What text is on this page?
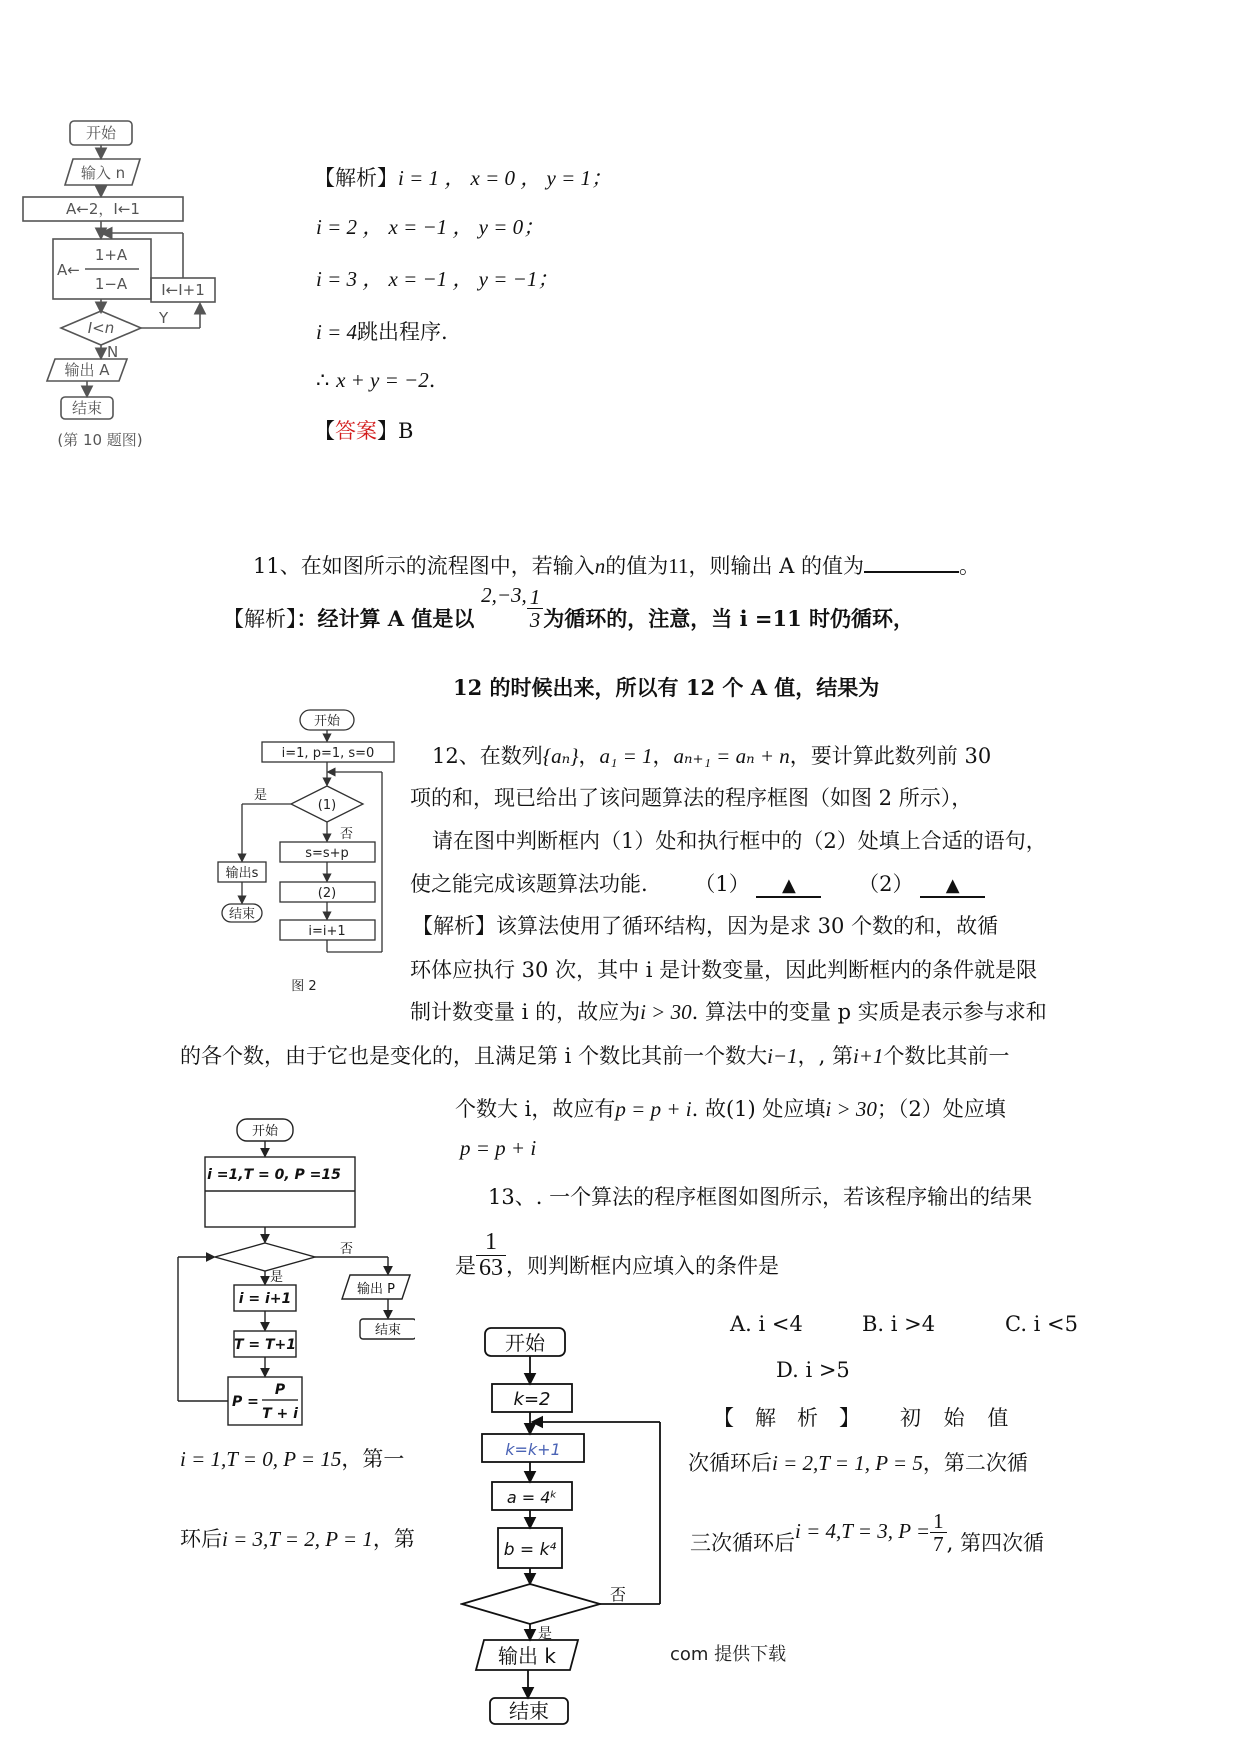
开始
输入 n
A←2，I←1
A←
1+A
1−A I←I+1
I<n
Y
N
输出 A
结束
(第 10 题图)
【解析】i = 1 ， x = 0 ， y = 1；
i = 2 ， x = −1 ， y = 0；
i = 3 ， x = −1 ， y = −1；
i = 4跳出程序.
∴ x + y = −2.
【答案】B
11、在如图所示的流程图中，若输入n的值为11，则输出 A 的值为	。
【解析】：经计算 A 值是以 2,−3, $\frac{1}{3}$ 为循环的，注意，当 i =11 时仍循环，
12 的时候出来，所以有 12 个 A 值，结果为
开始
i=1, p=1, s=0
(1)
是
否
s=s+p
(2)
i=i+1
输出s
结束
图 2
12、在数列{aₙ}，a₁ = 1，aₙ₊₁ = aₙ + n，要计算此数列前 30
项的和，现已给出了该问题算法的程序框图（如图 2 所示），
请在图中判断框内（1）处和执行框中的（2）处填上合适的语句，
使之能完成该题算法功能. （1） ▲	（2） ▲
【解析】该算法使用了循环结构，因为是求 30 个数的和，故循
环体应执行 30 次，其中 i 是计数变量，因此判断框内的条件就是限
制计数变量 i 的，故应为i > 30. 算法中的变量 p 实质是表示参与求和
的各个数，由于它也是变化的，且满足第 i 个数比其前一个数大i−1，, 第i+1个数比其前一
个数大 i，故应有p = p + i. 故(1) 处应填i > 30；（2）处应填
p = p + i
开始
i =1,T = 0, P =15
否
是
i = i+1
T = T+1
P =
P
T + i
输出 P
结束
开始
k=2
k=k+1
a = 4ᵏ
b = k⁴
否
是
输出 k
结束
13、. 一个算法的程序框图如图所示，若该程序输出的结果
是 $\frac{1}{63}$ ，则判断框内应填入的条件是
A. i <4	B. i >4	C. i <5
D. i >5
【　解　析　】 初 始 值
i = 1,T = 0, P = 15，第一	次循环后i = 2,T = 1, P = 5，第二次循
环后i = 3,T = 2, P = 1，第	三次循环后i = 4,T = 3, $P = \frac{1}{7}$ , 第四次循
com 提供下载
